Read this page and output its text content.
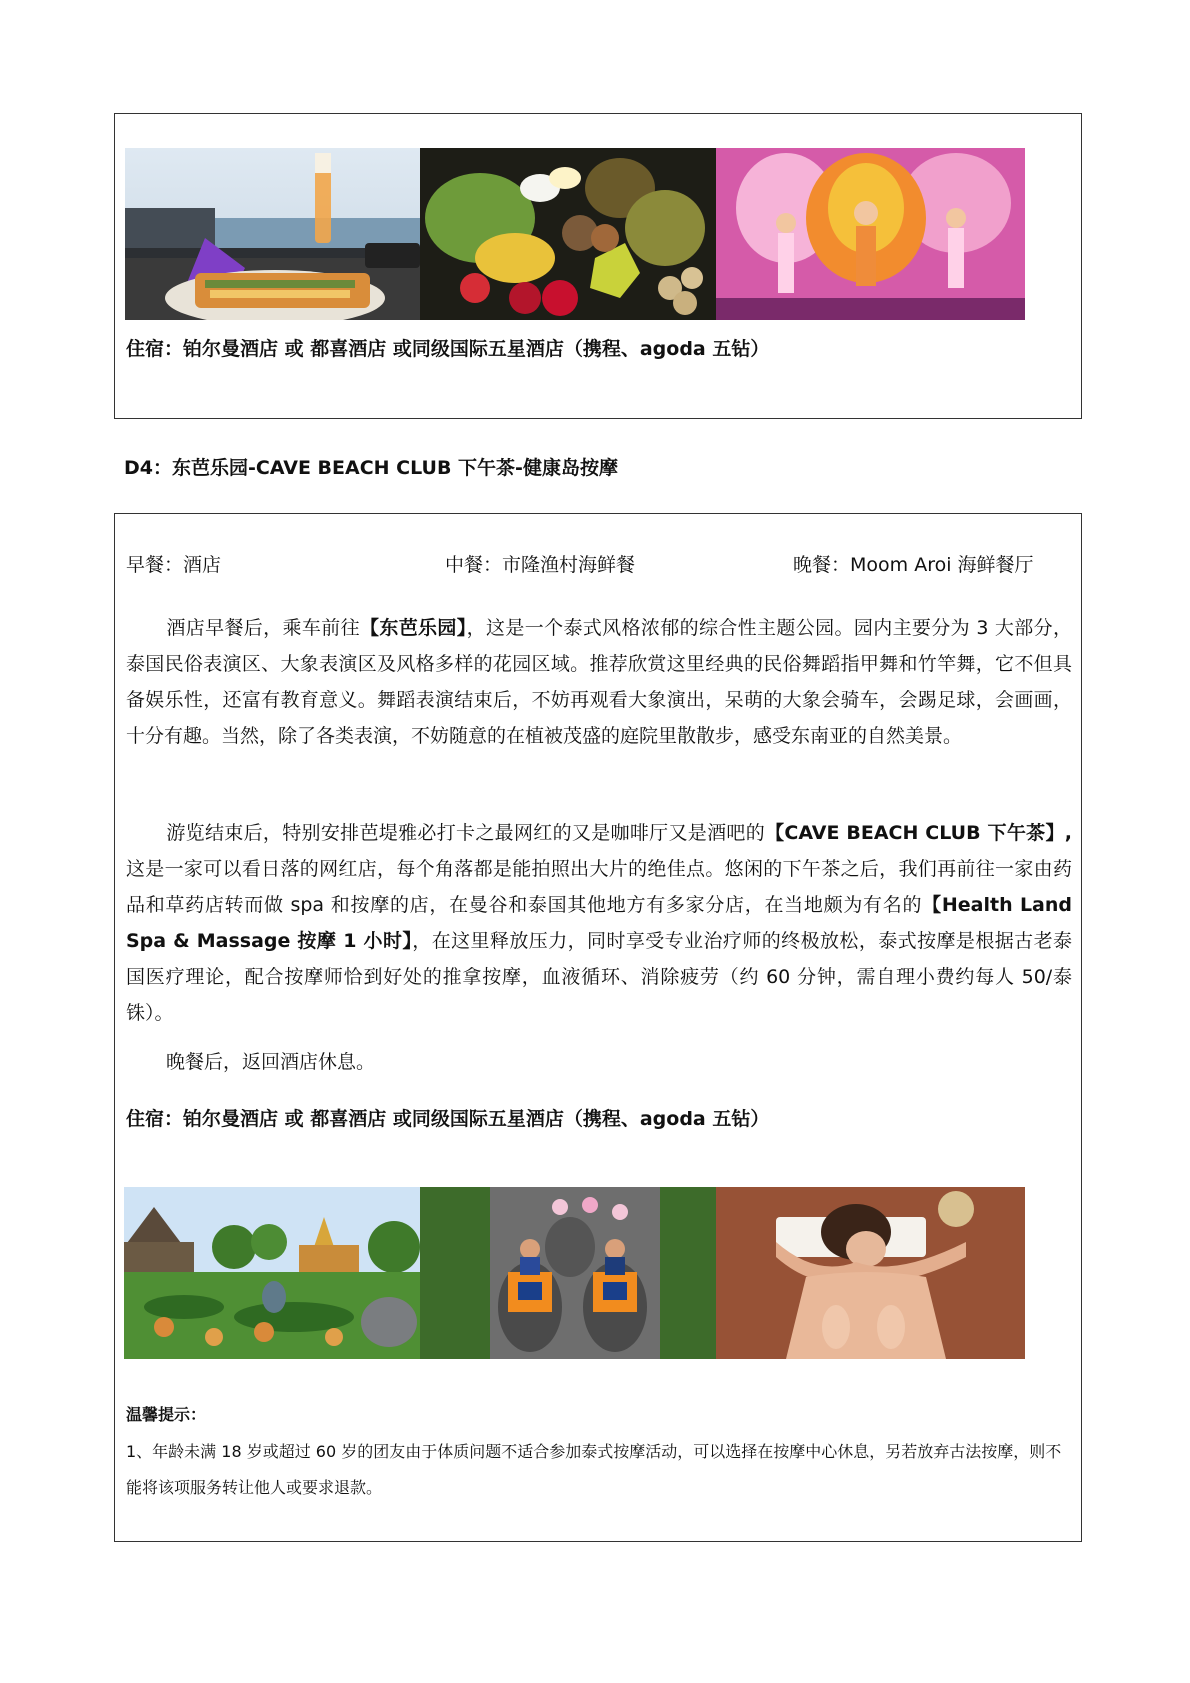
住宿：铂尔曼酒店 或 都喜酒店 或同级国际五星酒店（携程、agoda 五钻）
D4：东芭乐园-CAVE BEACH CLUB 下午茶-健康岛按摩
早餐：酒店	中餐：市隆渔村海鲜餐	晚餐：Moom Aroi 海鲜餐厅

酒店早餐后，乘车前往【东芭乐园】，这是一个泰式风格浓郁的综合性主题公园。园内主要分为 3 大部分，泰国民俗表演区、大象表演区及风格多样的花园区域。推荐欣赏这里经典的民俗舞蹈指甲舞和竹竿舞，它不但具备娱乐性，还富有教育意义。舞蹈表演结束后，不妨再观看大象演出，呆萌的大象会骑车，会踢足球，会画画，十分有趣。当然，除了各类表演，不妨随意的在植被茂盛的庭院里散散步，感受东南亚的自然美景。

游览结束后，特别安排芭堤雅必打卡之最网红的又是咖啡厅又是酒吧的【CAVE BEACH CLUB 下午茶】,这是一家可以看日落的网红店，每个角落都是能拍照出大片的绝佳点。悠闲的下午茶之后，我们再前往一家由药品和草药店转而做 spa 和按摩的店，在曼谷和泰国其他地方有多家分店，在当地颇为有名的【Health Land Spa & Massage 按摩 1 小时】，在这里释放压力，同时享受专业治疗师的终极放松，泰式按摩是根据古老泰国医疗理论，配合按摩师恰到好处的推拿按摩，血液循环、消除疲劳（约 60 分钟，需自理小费约每人 50/泰铢）。

晚餐后，返回酒店休息。

住宿：铂尔曼酒店 或 都喜酒店 或同级国际五星酒店（携程、agoda 五钻）
温馨提示：

1、年龄未满 18 岁或超过 60 岁的团友由于体质问题不适合参加泰式按摩活动，可以选择在按摩中心休息，另若放弃古法按摩，则不能将该项服务转让他人或要求退款。
